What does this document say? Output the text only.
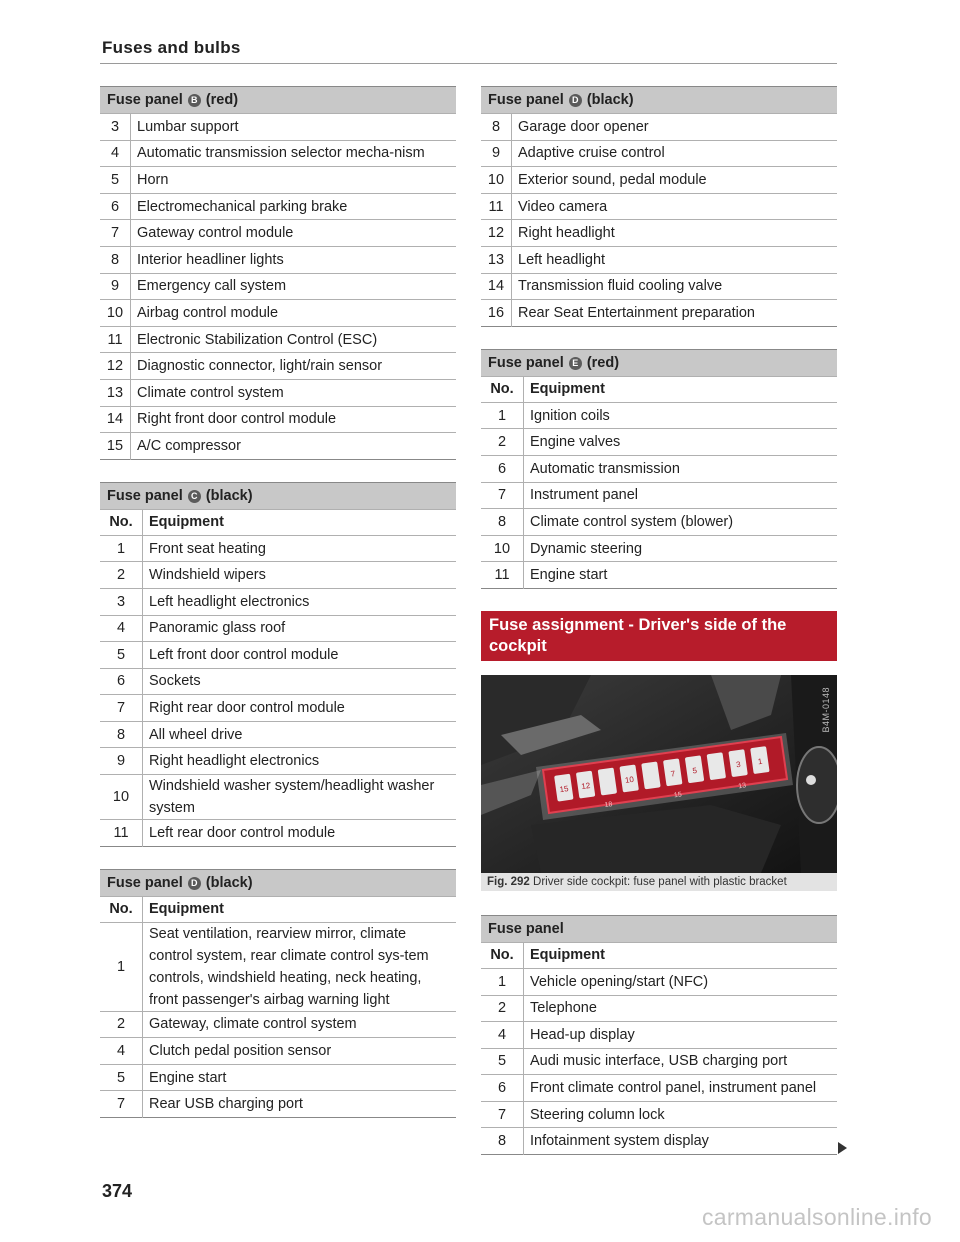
Fuses and bulbs
Fuse panel B (red)	
3	Lumbar support
4	Automatic transmission selector mecha-nism
5	Horn
6	Electromechanical parking brake
7	Gateway control module
8	Interior headliner lights
9	Emergency call system
10	Airbag control module
11	Electronic Stabilization Control (ESC)
12	Diagnostic connector, light/rain sensor
13	Climate control system
14	Right front door control module
15	A/C compressor
Fuse panel C (black)	
No.	Equipment
1	Front seat heating
2	Windshield wipers
3	Left headlight electronics
4	Panoramic glass roof
5	Left front door control module
6	Sockets
7	Right rear door control module
8	All wheel drive
9	Right headlight electronics
10	Windshield washer system/headlight washer system
11	Left rear door control module
Fuse panel D (black)	
No.	Equipment
1	Seat ventilation, rearview mirror, climate control system, rear climate control sys-tem controls, windshield heating, neck heating, front passenger's airbag warning light
2	Gateway, climate control system
4	Clutch pedal position sensor
5	Engine start
7	Rear USB charging port
Fuse panel D (black)	
8	Garage door opener
9	Adaptive cruise control
10	Exterior sound, pedal module
11	Video camera
12	Right headlight
13	Left headlight
14	Transmission fluid cooling valve
16	Rear Seat Entertainment preparation
Fuse panel E (red)	
No.	Equipment
1	Ignition coils
2	Engine valves
6	Automatic transmission
7	Instrument panel
8	Climate control system (blower)
10	Dynamic steering
11	Engine start
Fuse assignment - Driver's side of the cockpit
15 12
10
7 5
3 1
18
15
13
B4M-0148
Fig. 292 Driver side cockpit: fuse panel with plastic bracket
Fuse panel	
No.	Equipment
1	Vehicle opening/start (NFC)
2	Telephone
4	Head-up display
5	Audi music interface, USB charging port
6	Front climate control panel, instrument panel
7	Steering column lock
8	Infotainment system display
374
carmanualsonline.info
